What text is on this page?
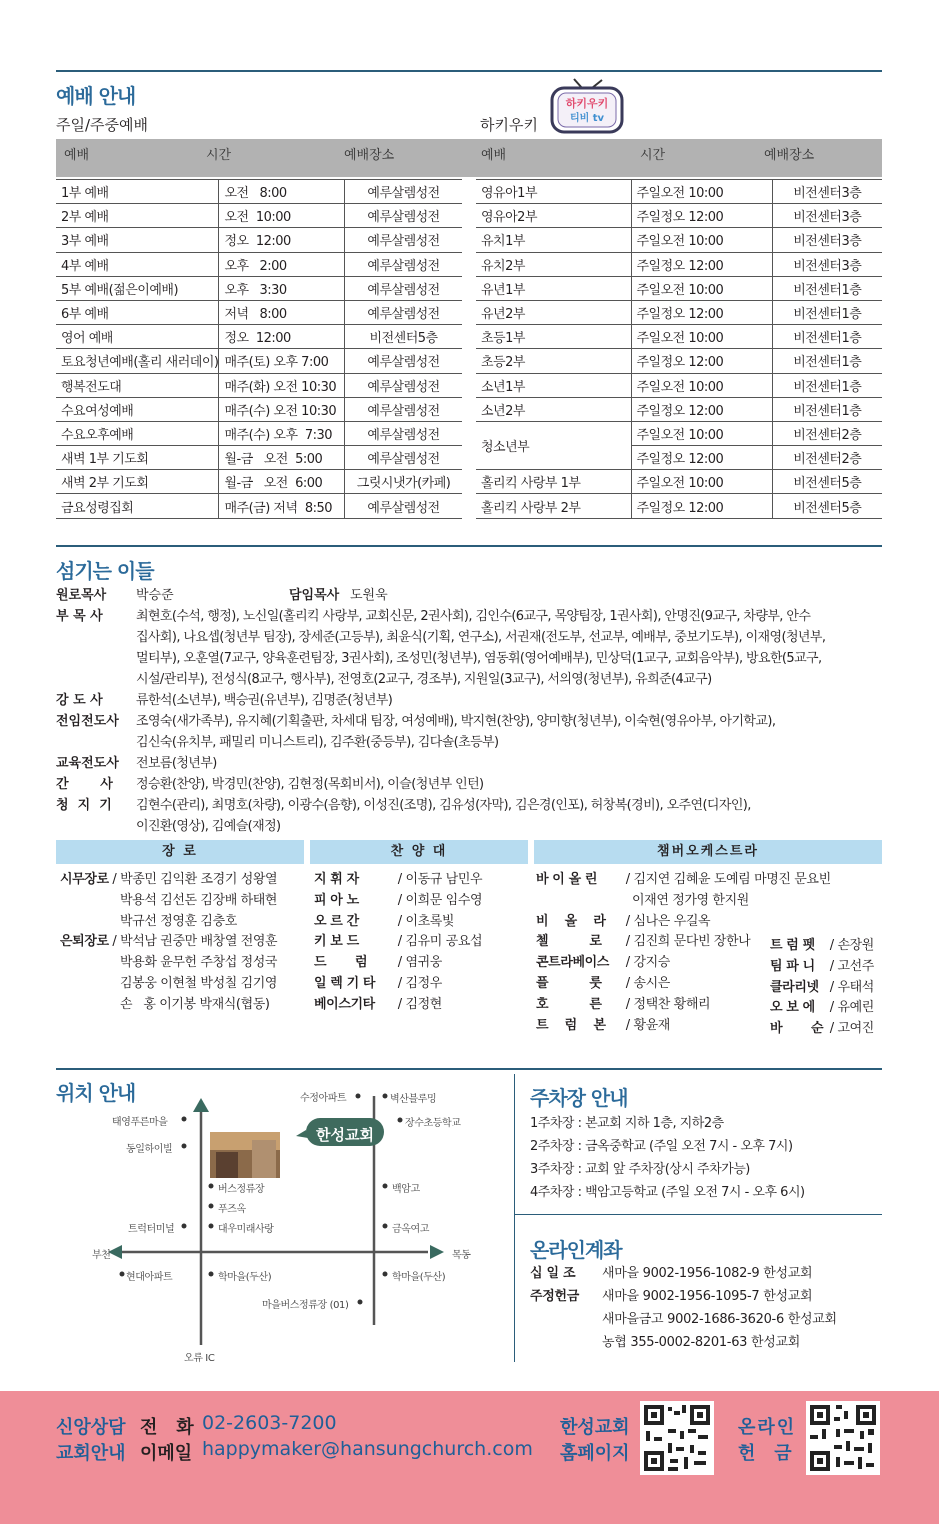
예배 안내
주일/주중예배	하키우키
하키우키
티비 tv
예배	시간	예배장소	예배	시간	예배장소
1부 예배	오전   8:00	예루살렘성전
2부 예배	오전  10:00	예루살렘성전
3부 예배	정오  12:00	예루살렘성전
4부 예배	오후   2:00	예루살렘성전
5부 예배(젊은이예배)	오후   3:30	예루살렘성전
6부 예배	저녁   8:00	예루살렘성전
영어 예배	정오  12:00	비전센터5층
토요청년예배(홀리 새러데이)	매주(토) 오후 7:00	예루살렘성전
행복전도대	매주(화) 오전 10:30	예루살렘성전
수요여성예배	매주(수) 오전 10:30	예루살렘성전
수요오후예배	매주(수) 오후  7:30	예루살렘성전
새벽 1부 기도회	월-금   오전  5:00	예루살렘성전
새벽 2부 기도회	월-금   오전  6:00	그릿시냇가(카페)
금요성령집회	매주(금) 저녁  8:50	예루살렘성전
영유아1부	주일오전 10:00	비전센터3층
영유아2부	주일정오 12:00	비전센터3층
유치1부	주일오전 10:00	비전센터3층
유치2부	주일정오 12:00	비전센터3층
유년1부	주일오전 10:00	비전센터1층
유년2부	주일정오 12:00	비전센터1층
초등1부	주일오전 10:00	비전센터1층
초등2부	주일정오 12:00	비전센터1층
소년1부	주일오전 10:00	비전센터1층
소년2부	주일정오 12:00	비전센터1층
청소년부	주일오전 10:00	비전센터2층
	주일정오 12:00	비전센터2층
홀리킥 사랑부 1부	주일오전 10:00	비전센터5층
홀리킥 사랑부 2부	주일정오 12:00	비전센터5층
섬기는 이들
원로목사	박승준	담임목사 도원욱
부 목 사	최현호(수석, 행정), 노신일(홀리킥 사랑부, 교회신문, 2권사회), 김인수(6교구, 목양팀장, 1권사회), 안명진(9교구, 차량부, 안수
집사회), 나요셉(청년부 팀장), 장세준(고등부), 최윤식(기획, 연구소), 서권재(전도부, 선교부, 예배부, 중보기도부), 이재영(청년부,
멀티부), 오훈열(7교구, 양육훈련팀장, 3권사회), 조성민(청년부), 염동휘(영어예배부), 민상덕(1교구, 교회음악부), 방요한(5교구,
시설/관리부), 전성식(8교구, 행사부), 전영호(2교구, 경조부), 지원일(3교구), 서의영(청년부), 유희준(4교구)
강 도 사	류한석(소년부), 백승권(유년부), 김명준(청년부)
전임전도사	조영숙(새가족부), 유지혜(기획출판, 차세대 팀장, 여성예배), 박지현(찬양), 양미향(청년부), 이숙현(영유아부, 아기학교),
김신숙(유치부, 패밀리 미니스트리), 김주환(중등부), 김다솔(초등부)
교육전도사	전보름(청년부)
간       사	정승환(찬양), 박경민(찬양), 김현정(목회비서), 이슬(청년부 인턴)
청  지  기	김현수(관리), 최명호(차량), 이광수(음향), 이성진(조명), 김유성(자막), 김은경(인포), 허창복(경비), 오주연(디자인),
이진환(영상), 김예슬(재정)
장 로	찬 양 대	챔버오케스트라
시무장로 / 박종민 김익환 조경기 성왕열
박용석 김선돈 김장배 하태현
박규선 정영훈 김충호
은퇴장로 / 박석남 권중만 배창열 전영훈
박용화 윤무헌 주창섭 정성국
김봉웅 이현철 박성칠 김기영
손   홍 이기봉 박재식(협동)
지 휘 자	/ 이동규 남민우
피 아 노	/ 이희문 임수영
오 르 간	/ 이초록빛
키 보 드	/ 김유미 공요섭
드       럼 / 염귀웅
일 렉 기 타 / 김정우
베이스기타 / 김정현
바 이 올 린 / 김지연 김혜윤 도예림 마명진 문요빈
이재연 정가영 한지원
비    올    라 / 심나은 우길옥
첼          로 / 김진희 문다빈 장한나
콘트라베이스 / 강지승
플          룻 / 송시은
호          른 / 정택찬 황해리
트    럼    본 / 황윤재
트 럼 펫 / 손장원
팀 파 니 / 고선주
클라리넷 / 우태석
오 보 에 / 유예린
바       순 / 고여진
위치 안내
태영푸른마을
동일하이빌
수정아파트	벽산블루밍
장수초등학교
한성교회
버스정류장
푸즈옥
대우미래사랑
백암고
금옥여고
트럭터미널
부천	목동
현대아파트	학마을(두산)	학마을(두산)
마을버스정류장 (01)
오류 IC
주차장 안내
1주차장 : 본교회 지하 1층, 지하2층
2주차장 : 금옥중학교 (주일 오전 7시 - 오후 7시)
3주차장 : 교회 앞 주차장(상시 주차가능)
4주차장 : 백암고등학교 (주일 오전 7시 - 오후 6시)
온라인계좌
십 일 조 새마을 9002-1956-1082-9 한성교회
주정헌금 새마을 9002-1956-1095-7 한성교회
새마을금고 9002-1686-3620-6 한성교회
농협 355-0002-8201-63 한성교회
신앙상담
교회안내
전   화 02-2603-7200
이메일 happymaker@hansungchurch.com
한성교회
홈페이지
온라인
헌   금
